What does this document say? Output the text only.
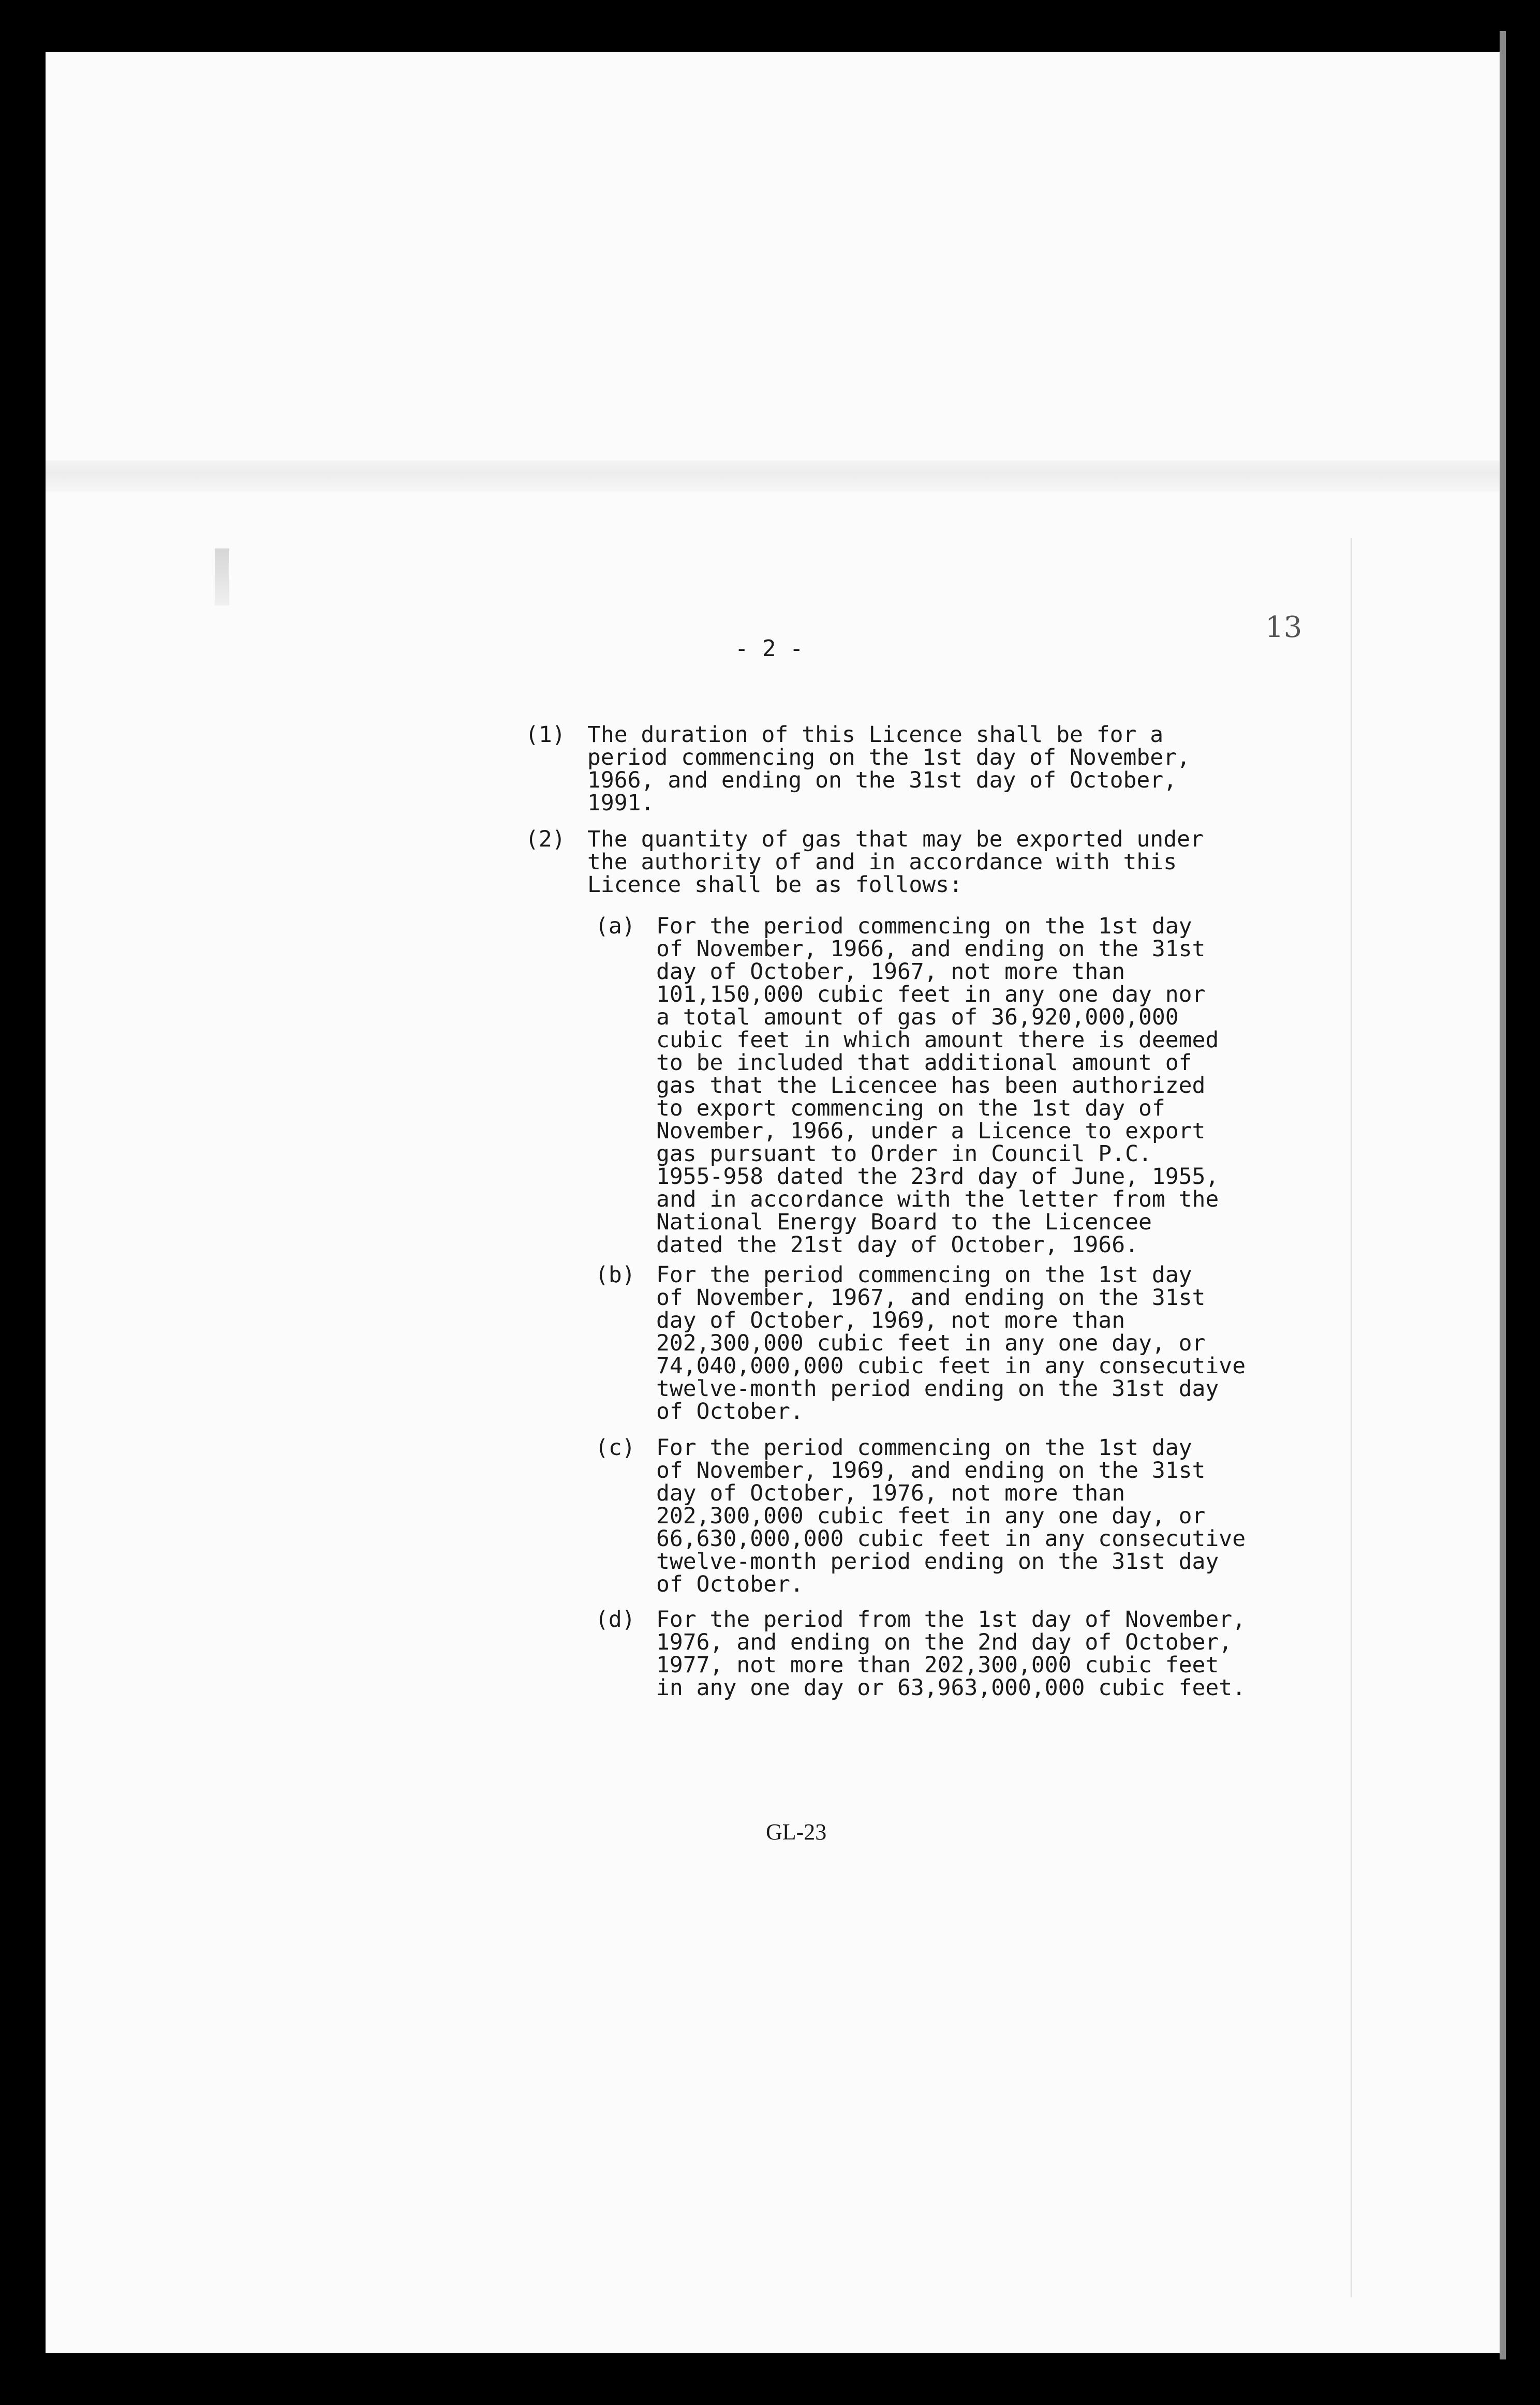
- 2 -
13
(1) The duration of this Licence shall be for a
period commencing on the 1st day of November,
1966, and ending on the 31st day of October,
1991.
(2) The quantity of gas that may be exported under
the authority of and in accordance with this
Licence shall be as follows:
(a) For the period commencing on the 1st day
of November, 1966, and ending on the 31st
day of October, 1967, not more than
101,150,000 cubic feet in any one day nor
a total amount of gas of 36,920,000,000
cubic feet in which amount there is deemed
to be included that additional amount of
gas that the Licencee has been authorized
to export commencing on the 1st day of
November, 1966, under a Licence to export
gas pursuant to Order in Council P.C.
1955-958 dated the 23rd day of June, 1955,
and in accordance with the letter from the
National Energy Board to the Licencee
dated the 21st day of October, 1966.
(b) For the period commencing on the 1st day
of November, 1967, and ending on the 31st
day of October, 1969, not more than
202,300,000 cubic feet in any one day, or
74,040,000,000 cubic feet in any consecutive
twelve-month period ending on the 31st day
of October.
(c) For the period commencing on the 1st day
of November, 1969, and ending on the 31st
day of October, 1976, not more than
202,300,000 cubic feet in any one day, or
66,630,000,000 cubic feet in any consecutive
twelve-month period ending on the 31st day
of October.
(d) For the period from the 1st day of November,
1976, and ending on the 2nd day of October,
1977, not more than 202,300,000 cubic feet
in any one day or 63,963,000,000 cubic feet.
GL-23
